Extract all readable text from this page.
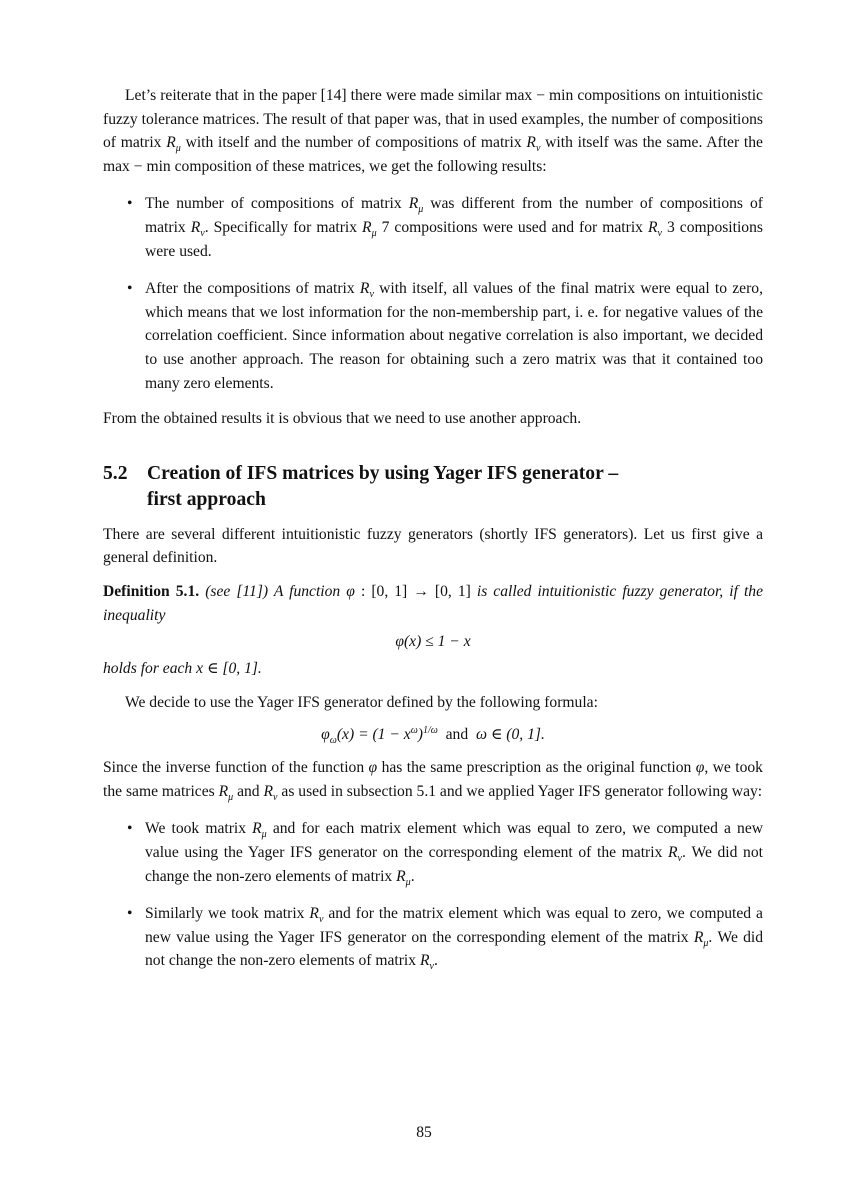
Let’s reiterate that in the paper [14] there were made similar max − min compositions on intuitionistic fuzzy tolerance matrices. The result of that paper was, that in used examples, the number of compositions of matrix $R_\mu$ with itself and the number of compositions of matrix $R_\nu$ with itself was the same. After the max − min composition of these matrices, we get the following results:

• The number of compositions of matrix $R_\mu$ was different from the number of compositions of matrix $R_\nu$. Specifically for matrix $R_\mu$ 7 compositions were used and for matrix $R_\nu$ 3 compositions were used.
• After the compositions of matrix $R_\nu$ with itself, all values of the final matrix were equal to zero, which means that we lost information for the non-membership part, i. e. for negative values of the correlation coefficient. Since information about negative correlation is also important, we decided to use another approach. The reason for obtaining such a zero matrix was that it contained too many zero elements.

From the obtained results it is obvious that we need to use another approach.

5.2 Creation of IFS matrices by using Yager IFS generator –
first approach

There are several different intuitionistic fuzzy generators (shortly IFS generators). Let us first give a general definition.

Definition 5.1. (see [11]) A function φ : [0, 1] → [0, 1] is called intuitionistic fuzzy generator, if the inequality

φ(x) ≤ 1 − x

holds for each x ∈ [0, 1].

We decide to use the Yager IFS generator defined by the following formula:

$\varphi_\omega(x) = (1 - x^\omega)^{1/\omega}$ and ω ∈ (0, 1].

Since the inverse function of the function φ has the same prescription as the original function φ, we took the same matrices $R_\mu$ and $R_\nu$ as used in subsection 5.1 and we applied Yager IFS generator following way:

• We took matrix $R_\mu$ and for each matrix element which was equal to zero, we computed a new value using the Yager IFS generator on the corresponding element of the matrix $R_\nu$. We did not change the non-zero elements of matrix $R_\mu$.
• Similarly we took matrix $R_\nu$ and for the matrix element which was equal to zero, we computed a new value using the Yager IFS generator on the corresponding element of the matrix $R_\mu$. We did not change the non-zero elements of matrix $R_\nu$.
85
